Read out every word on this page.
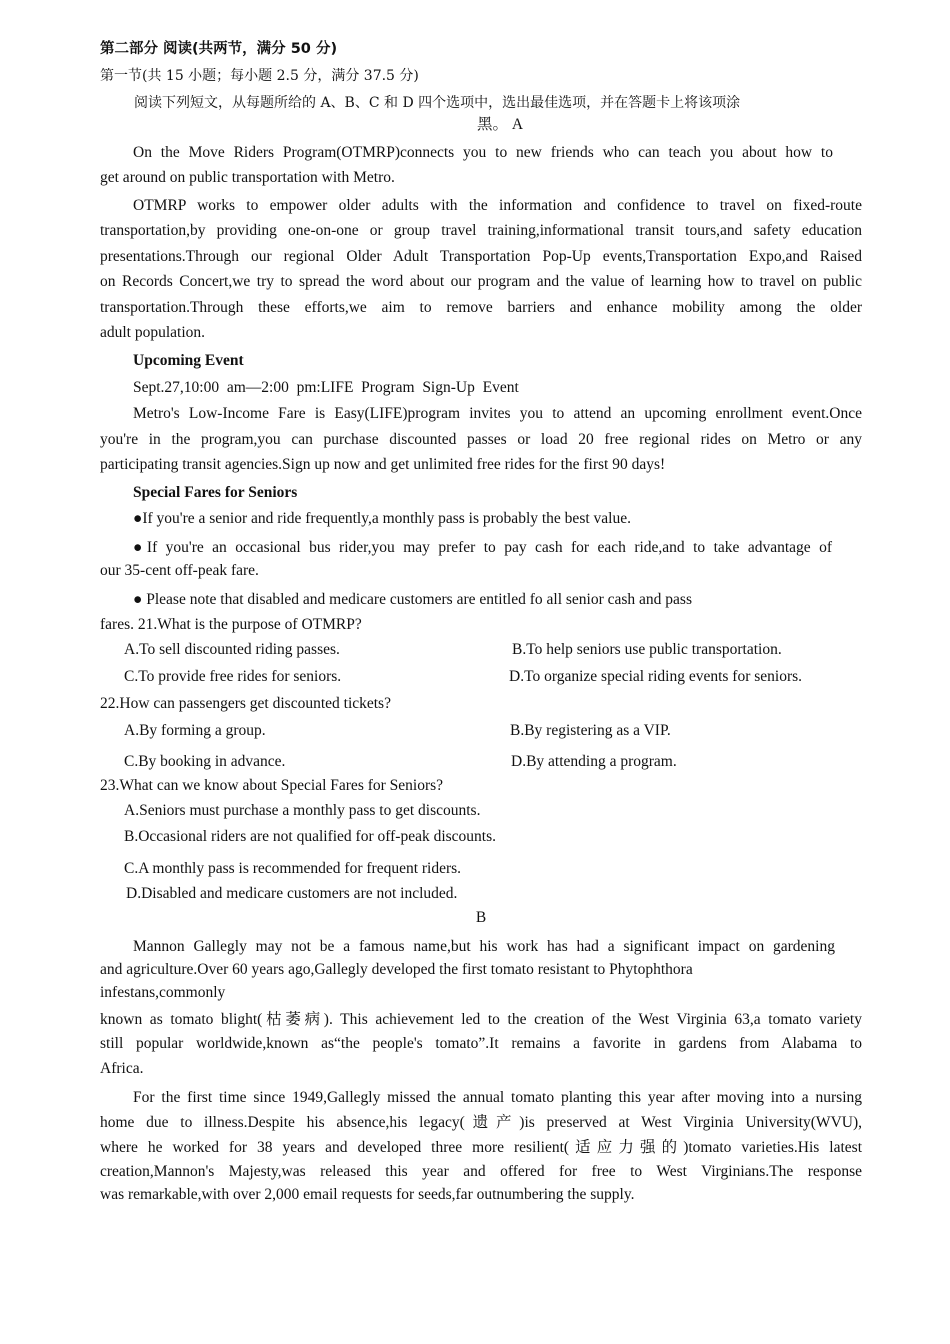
第二部分 阅读(共两节，满分 50 分)
第一节(共 15 小题；每小题 2.5 分，满分 37.5 分)
阅读下列短文，从每题所给的 A、B、C 和 D 四个选项中，选出最佳选项，并在答题卡上将该项涂
黑。 A
On the Move Riders Program(OTMRP)connects you to new friends who can teach you about how to
get around on public transportation with Metro.
OTMRP works to empower older adults with the information and confidence to travel on fixed-route
transportation,by providing one-on-one or group travel training,informational transit tours,and safety education
presentations.Through our regional Older Adult Transportation Pop-Up events,Transportation Expo,and Raised
on Records Concert,we try to spread the word about our program and the value of learning how to travel on public
transportation.Through these efforts,we aim to remove barriers and enhance mobility among the older
adult population.
Upcoming Event
Sept.27,10:00  am—2:00  pm:LIFE  Program  Sign-Up  Event
Metro's Low-Income Fare is Easy(LIFE)program invites you to attend an upcoming enrollment event.Once
you're in the program,you can purchase discounted passes or load 20 free regional rides on Metro or any
participating transit agencies.Sign up now and get unlimited free rides for the first 90 days!
Special Fares for Seniors
●If you're a senior and ride frequently,a monthly pass is probably the best value.
●If you're an occasional bus rider,you may prefer to pay cash for each ride,and to take advantage of
our 35-cent off-peak fare.
● Please note that disabled and medicare customers are entitled fo all senior cash and pass
fares. 21.What is the purpose of OTMRP?
A.To sell discounted riding passes.	B.To help seniors use public transportation.
C.To provide free rides for seniors.	D.To organize special riding events for seniors.
22.How can passengers get discounted tickets?
A.By forming a group.	B.By registering as a VIP.
C.By booking in advance.	D.By attending a program.
23.What can we know about Special Fares for Seniors?
A.Seniors must purchase a monthly pass to get discounts.
B.Occasional riders are not qualified for off-peak discounts.
C.A monthly pass is recommended for frequent riders.
D.Disabled and medicare customers are not included.
B
Mannon Gallegly may not be a famous name,but his work has had a significant impact on gardening
and agriculture.Over 60 years ago,Gallegly developed the first tomato resistant to Phytophthora
infestans,commonly
known as tomato blight(枯萎病). This achievement led to the creation of the West Virginia 63,a tomato variety
still popular worldwide,known as“the people's tomato”.It remains a favorite in gardens from Alabama to
Africa.
For the first time since 1949,Gallegly missed the annual tomato planting this year after moving into a nursing
home due to illness.Despite his absence,his legacy(遗产)is preserved at West Virginia University(WVU),
where he worked for 38 years and developed three more resilient(适应力强的)tomato varieties.His latest
creation,Mannon's Majesty,was released this year and offered for free to West Virginians.The response
was remarkable,with over 2,000 email requests for seeds,far outnumbering the supply.
